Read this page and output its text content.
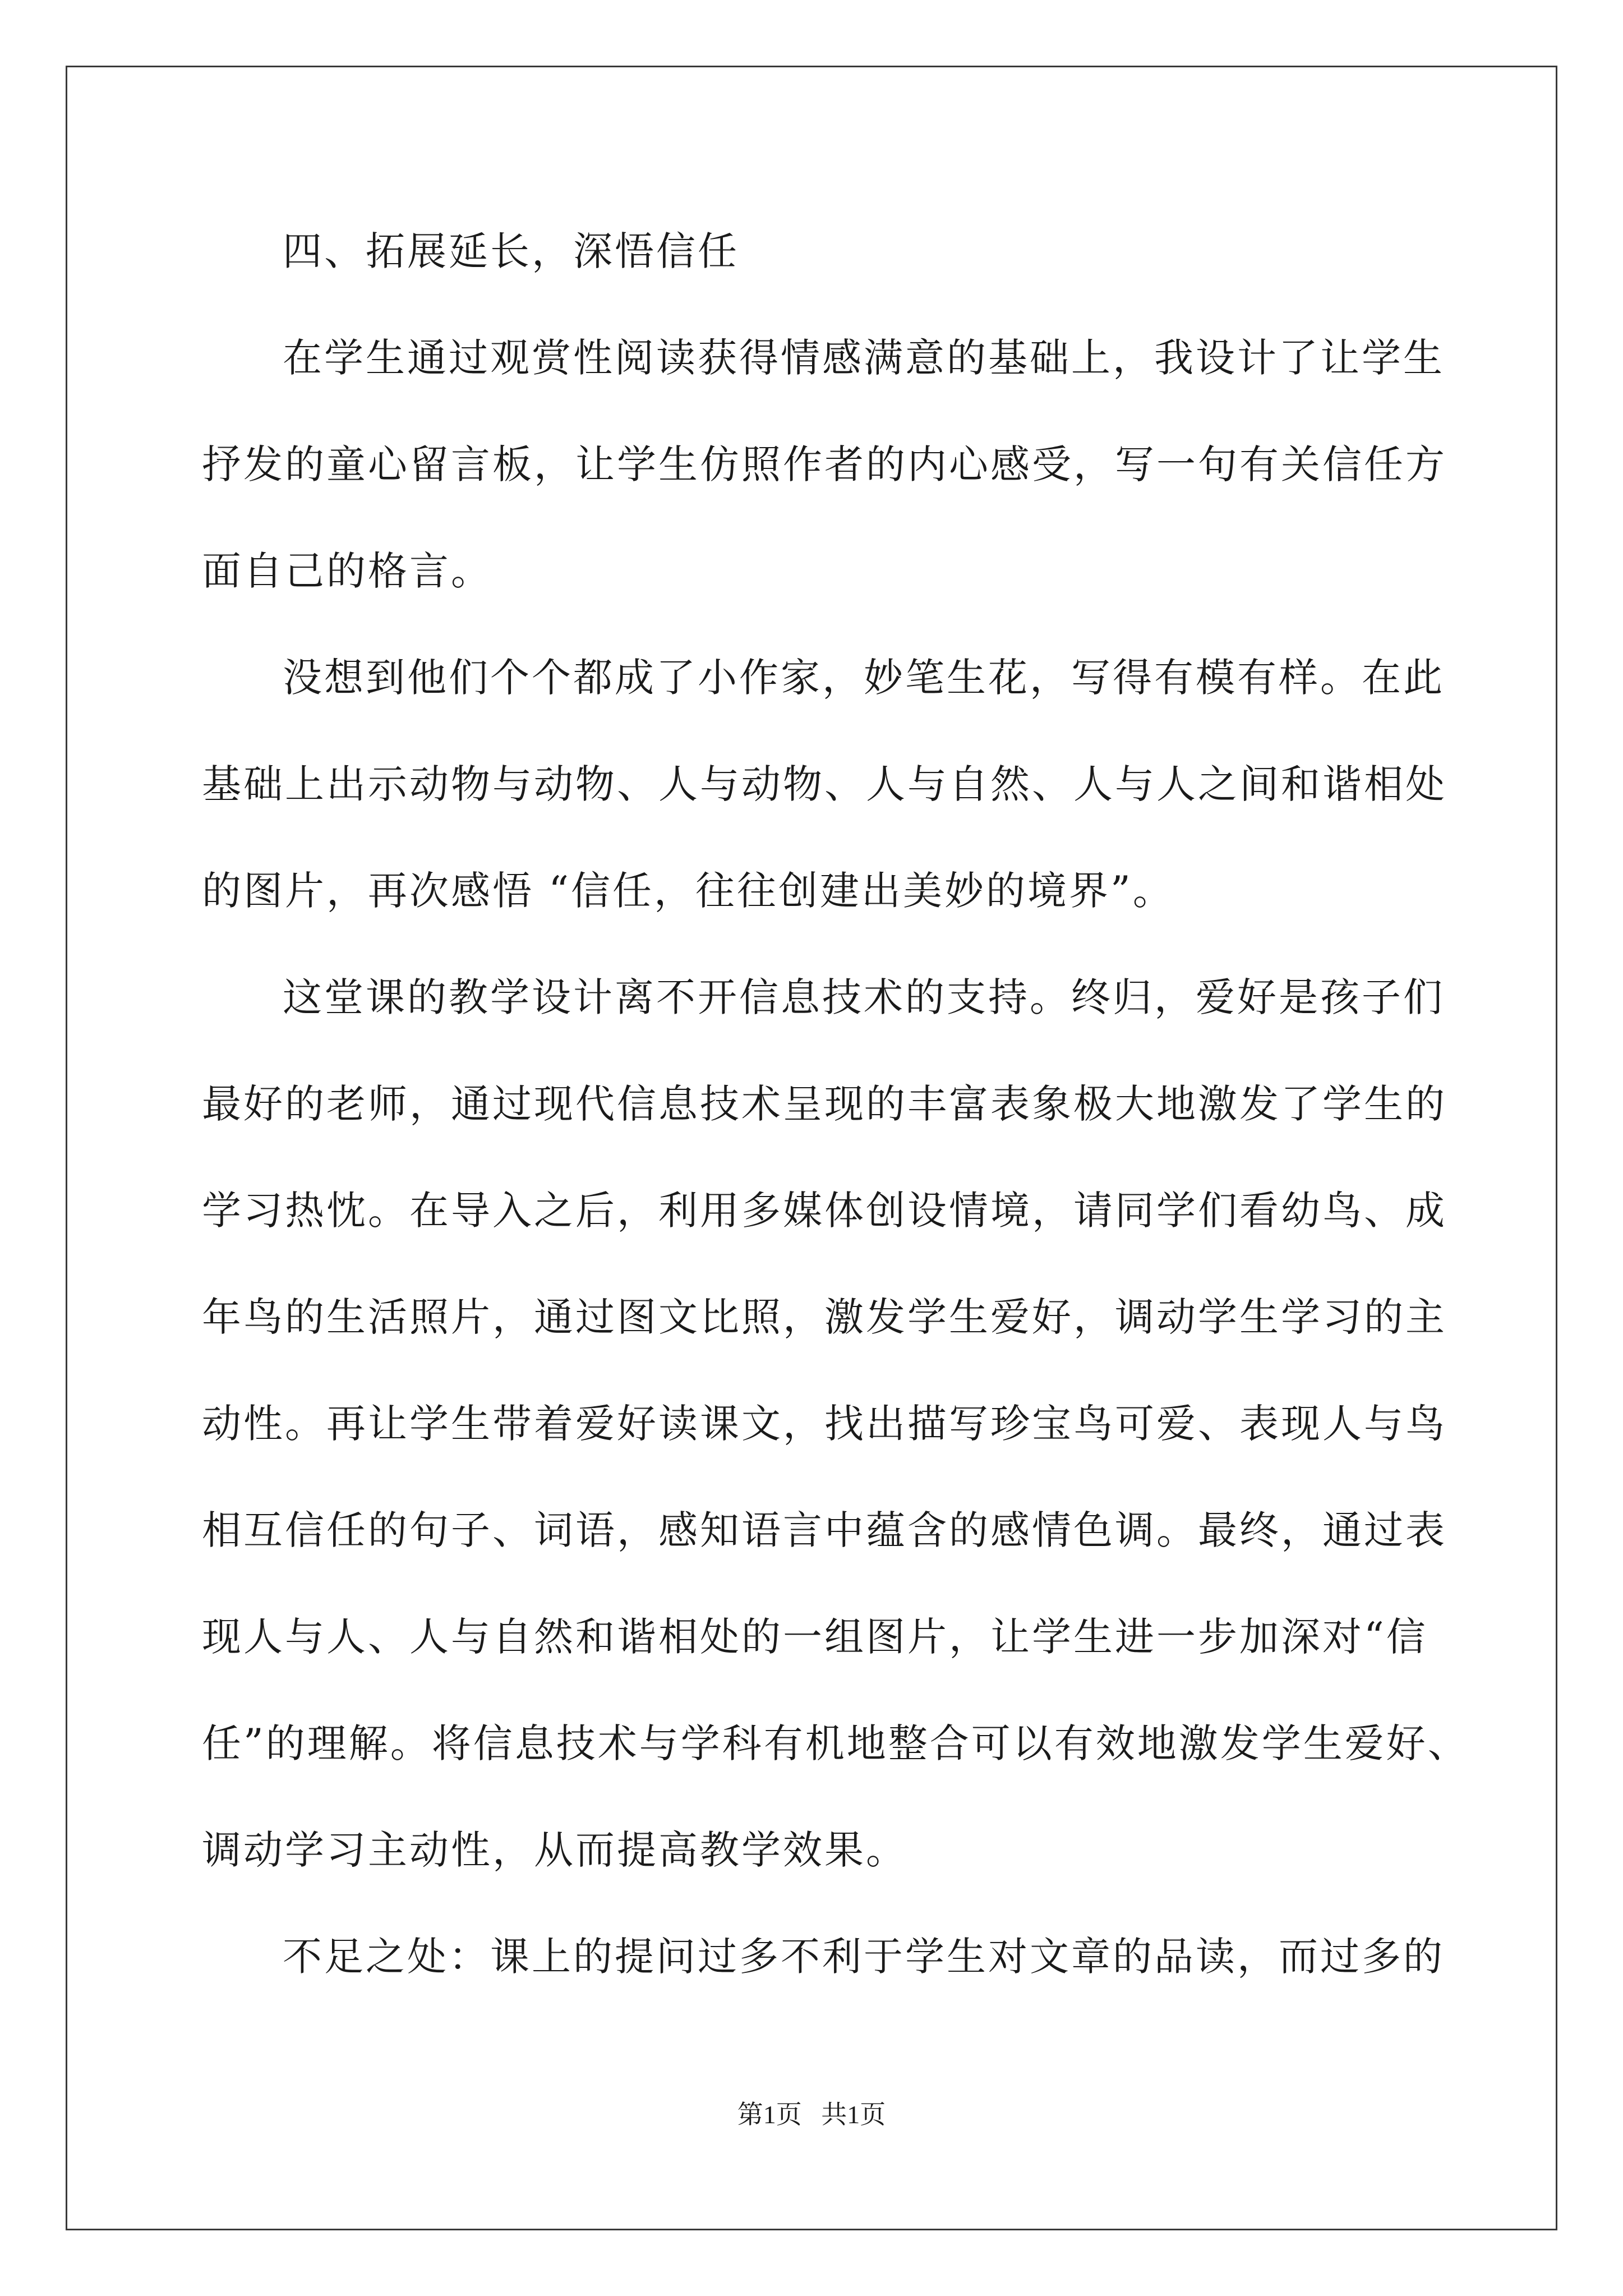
四、拓展延长，深悟信任
在学生通过观赏性阅读获得情感满意的基础上，我设计了让学生
抒发的童心留言板，让学生仿照作者的内心感受，写一句有关信任方
面自己的格言。
没想到他们个个都成了小作家，妙笔生花，写得有模有样。在此
基础上出示动物与动物、人与动物、人与自然、人与人之间和谐相处
的图片，再次感悟 “信任，往往创建出美妙的境界”。
这堂课的教学设计离不开信息技术的支持。终归，爱好是孩子们
最好的老师，通过现代信息技术呈现的丰富表象极大地激发了学生的
学习热忱。在导入之后，利用多媒体创设情境，请同学们看幼鸟、成
年鸟的生活照片，通过图文比照，激发学生爱好，调动学生学习的主
动性。再让学生带着爱好读课文，找出描写珍宝鸟可爱、表现人与鸟
相互信任的句子、词语，感知语言中蕴含的感情色调。最终，通过表
现人与人、人与自然和谐相处的一组图片，让学生进一步加深对“信
任”的理解。将信息技术与学科有机地整合可以有效地激发学生爱好、
调动学习主动性，从而提高教学效果。
不足之处：课上的提问过多不利于学生对文章的品读，而过多的
第1页   共1页
